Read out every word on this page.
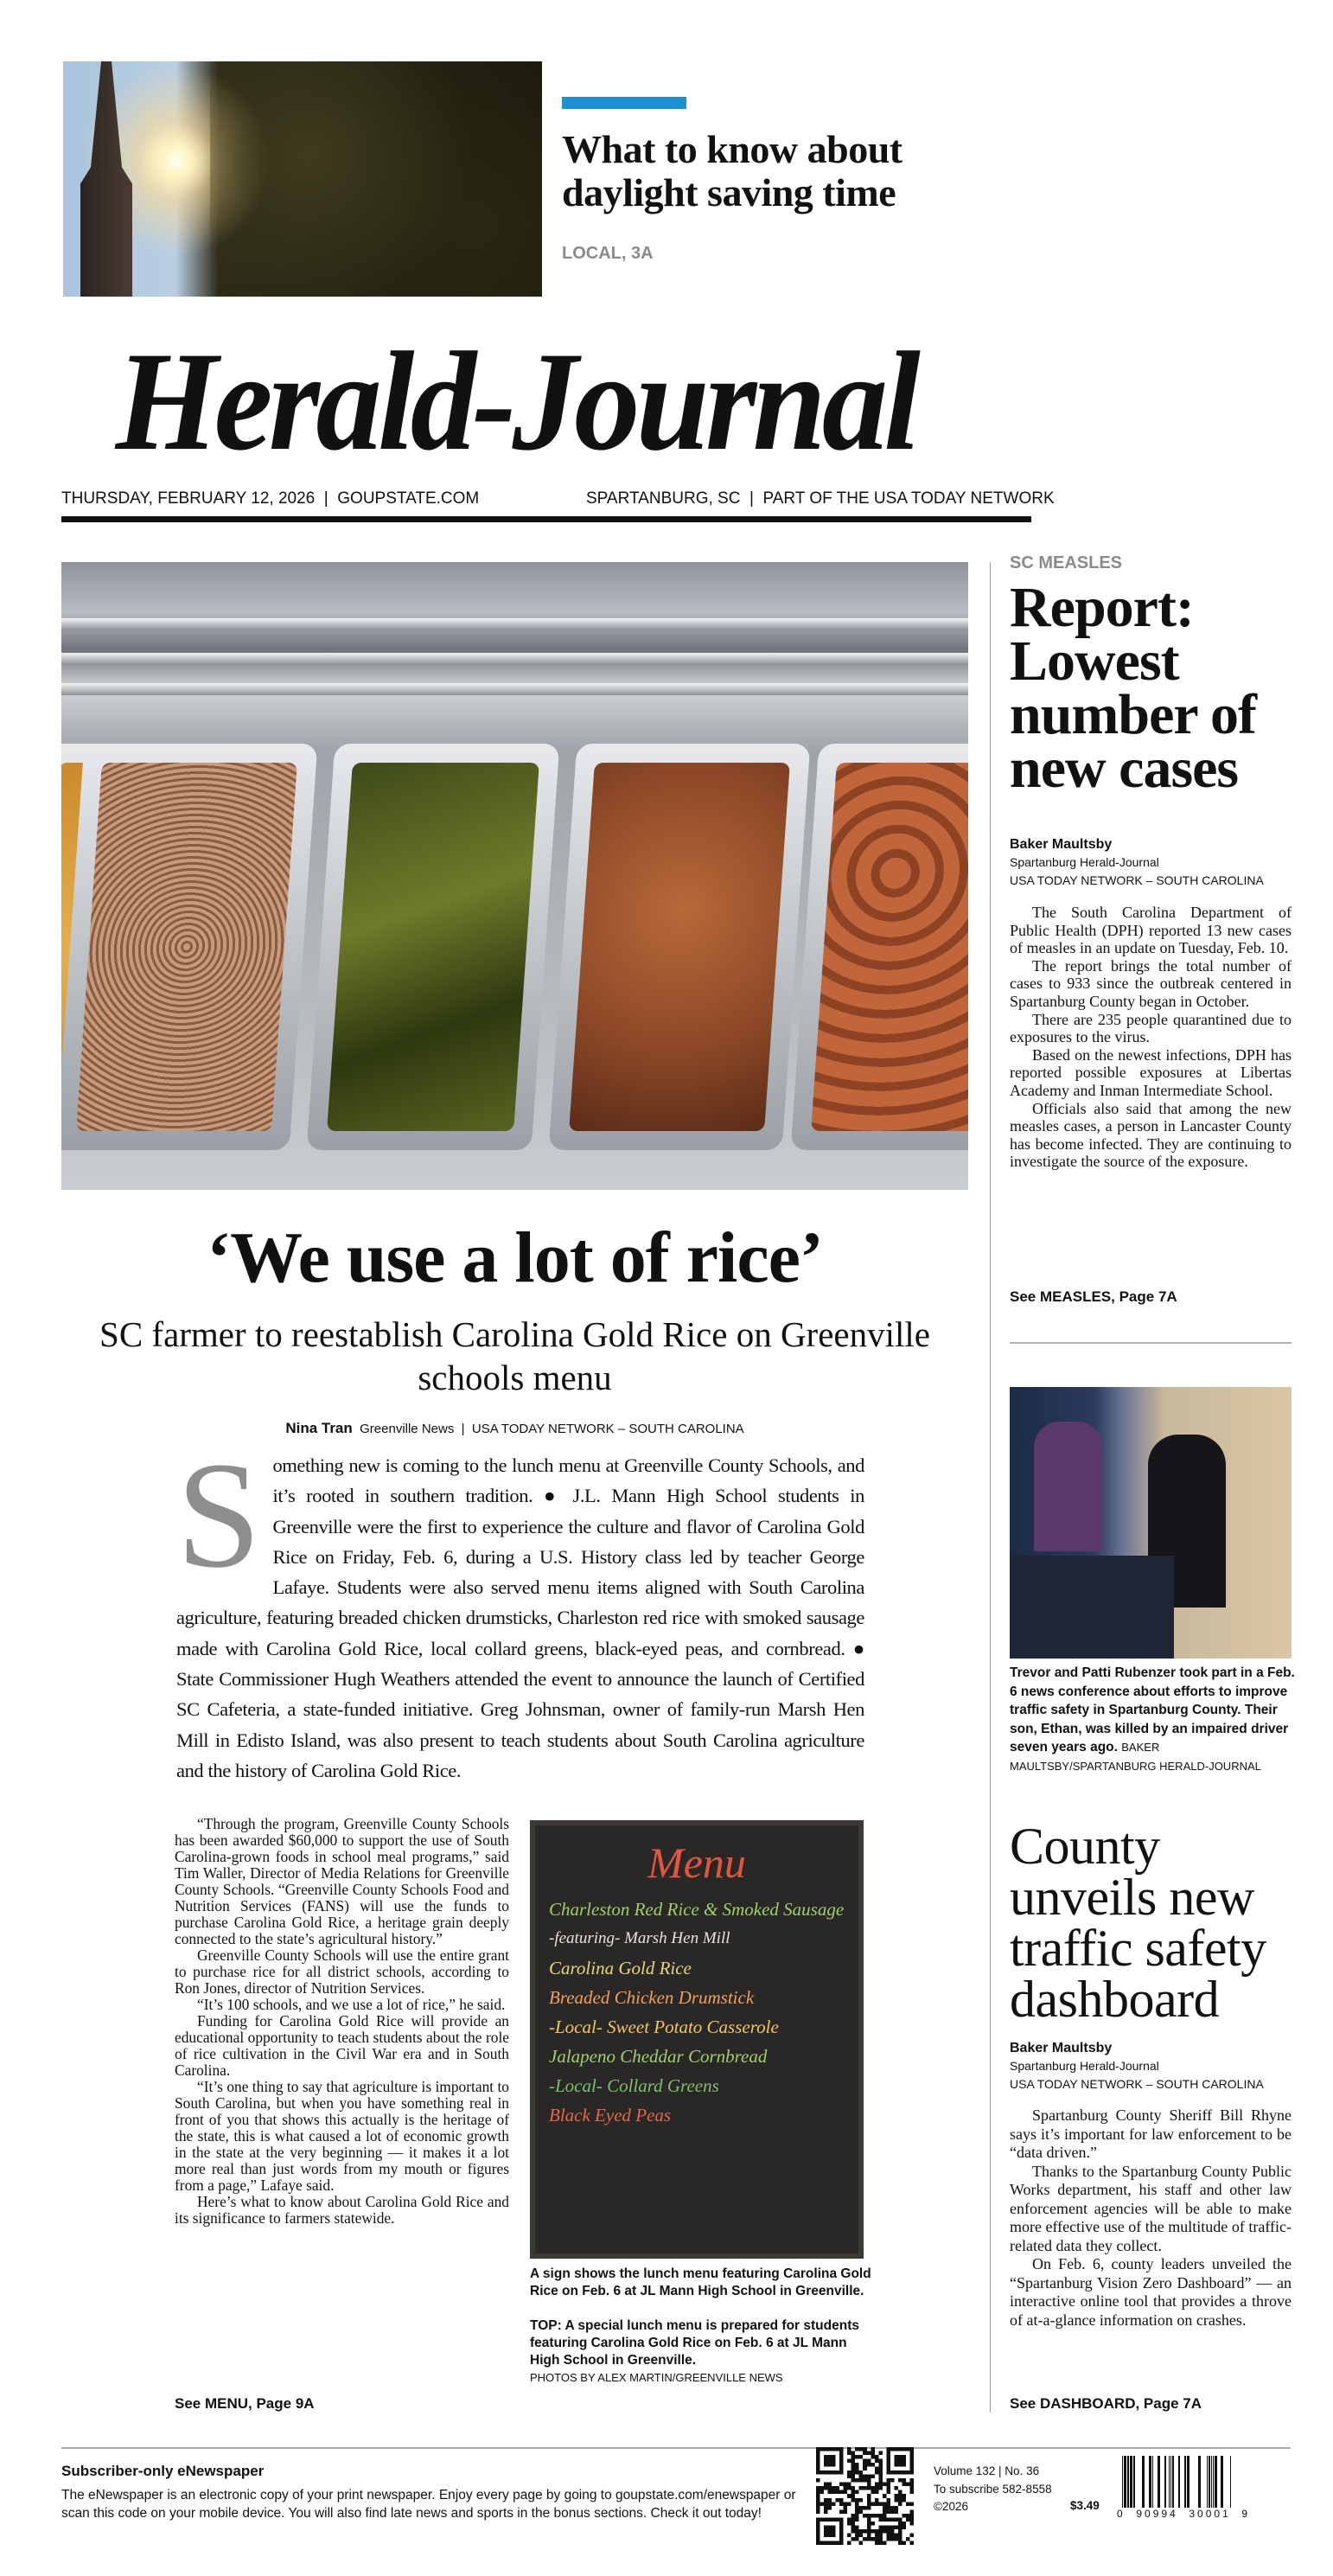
What to know about daylight saving time
LOCAL, 3A
Herald-Journal
THURSDAY, FEBRUARY 12, 2026  |  GOUPSTATE.COM	SPARTANBURG, SC  |  PART OF THE USA TODAY NETWORK
‘We use a lot of rice’
SC farmer to reestablish Carolina Gold Rice on Greenville schools menu
Nina Tran Greenville News  |  USA TODAY NETWORK – SOUTH CAROLINA
S omething new is coming to the lunch menu at Greenville County Schools, and it’s rooted in southern tradition. ● J.L. Mann High School students in Greenville were the first to experience the culture and flavor of Carolina Gold Rice on Friday, Feb. 6, during a U.S. History class led by teacher George Lafaye. Students were also served menu items aligned with South Carolina agriculture, featuring breaded chicken drumsticks, Charleston red rice with smoked sausage made with Carolina Gold Rice, local collard greens, black-eyed peas, and cornbread. ● State Commissioner Hugh Weathers attended the event to announce the launch of Certified SC Cafeteria, a state-funded initiative. Greg Johnsman, owner of family-run Marsh Hen Mill in Edisto Island, was also present to teach students about South Carolina agriculture and the history of Carolina Gold Rice.

“Through the program, Greenville County Schools has been awarded $60,000 to support the use of South Carolina-grown foods in school meal programs,” said Tim Waller, Director of Media Relations for Greenville County Schools. “Greenville County Schools Food and Nutrition Services (FANS) will use the funds to purchase Carolina Gold Rice, a heritage grain deeply connected to the state’s agricultural history.”

Greenville County Schools will use the entire grant to purchase rice for all district schools, according to Ron Jones, director of Nutrition Services.

“It’s 100 schools, and we use a lot of rice,” he said.

Funding for Carolina Gold Rice will provide an educational opportunity to teach students about the role of rice cultivation in the Civil War era and in South Carolina.

“It’s one thing to say that agriculture is important to South Carolina, but when you have something real in front of you that shows this actually is the heritage of the state, this is what caused a lot of economic growth in the state at the very beginning — it makes it a lot more real than just words from my mouth or figures from a page,” Lafaye said.

Here’s what to know about Carolina Gold Rice and its significance to farmers statewide.

See MENU, Page 9A
Menu
Charleston Red Rice & Smoked Sausage
-featuring- Marsh Hen Mill
Carolina Gold Rice
Breaded Chicken Drumstick
-Local- Sweet Potato Casserole
Jalapeno Cheddar Cornbread
-Local- Collard Greens
Black Eyed Peas
A sign shows the lunch menu featuring Carolina Gold Rice on Feb. 6 at JL Mann High School in Greenville.
TOP: A special lunch menu is prepared for students featuring Carolina Gold Rice on Feb. 6 at JL Mann High School in Greenville.
PHOTOS BY ALEX MARTIN/GREENVILLE NEWS
SC MEASLES
Report: Lowest number of new cases
Baker Maultsby
Spartanburg Herald-Journal
USA TODAY NETWORK – SOUTH CAROLINA

The South Carolina Department of Public Health (DPH) reported 13 new cases of measles in an update on Tuesday, Feb. 10.

The report brings the total number of cases to 933 since the outbreak centered in Spartanburg County began in October.

There are 235 people quarantined due to exposures to the virus.

Based on the newest infections, DPH has reported possible exposures at Libertas Academy and Inman Intermediate School.

Officials also said that among the new measles cases, a person in Lancaster County has become infected. They are continuing to investigate the source of the exposure.

See MEASLES, Page 7A
Trevor and Patti Rubenzer took part in a Feb. 6 news conference about efforts to improve traffic safety in Spartanburg County. Their son, Ethan, was killed by an impaired driver seven years ago. BAKER MAULTSBY/SPARTANBURG HERALD-JOURNAL
County unveils new traffic safety dashboard
Baker Maultsby
Spartanburg Herald-Journal
USA TODAY NETWORK – SOUTH CAROLINA

Spartanburg County Sheriff Bill Rhyne says it’s important for law enforcement to be “data driven.”

Thanks to the Spartanburg County Public Works department, his staff and other law enforcement agencies will be able to make more effective use of the multitude of traffic-related data they collect.

On Feb. 6, county leaders unveiled the “Spartanburg Vision Zero Dashboard” — an interactive online tool that provides a throve of at-a-glance information on crashes.

See DASHBOARD, Page 7A
Subscriber-only eNewspaper
The eNewspaper is an electronic copy of your print newspaper. Enjoy every page by going to goupstate.com/enewspaper or scan this code on your mobile device. You will also find late news and sports in the bonus sections. Check it out today!
Volume 132 | No. 36
To subscribe 582-8558
©2026	$3.49
0  90994  30001  9
